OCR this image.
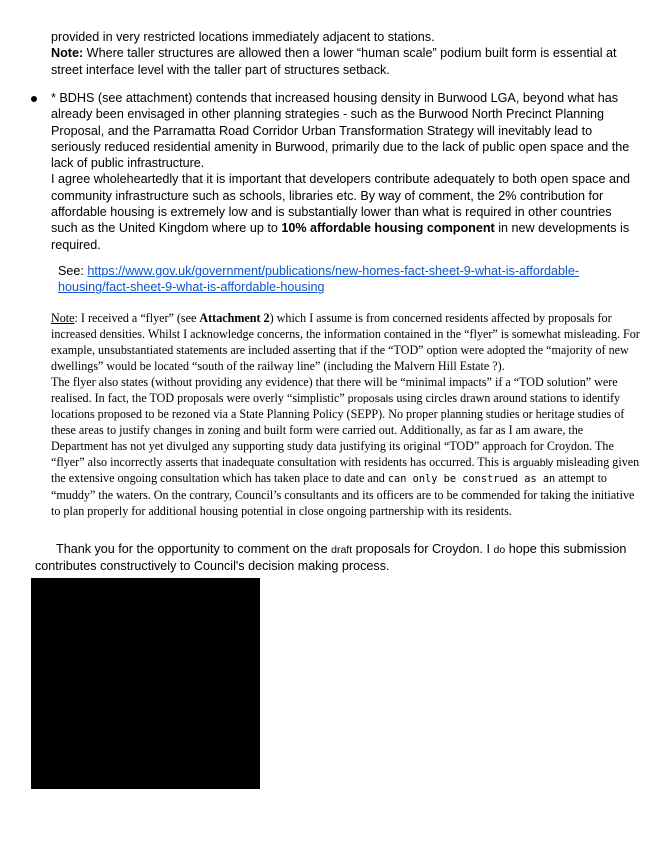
provided in very restricted locations immediately adjacent to stations.

Note: Where taller structures are allowed then a lower “human scale” podium built form is essential at street interface level with the taller part of structures setback.

* BDHS (see attachment) contends that increased housing density in Burwood LGA, beyond what has already been envisaged in other planning strategies - such as the Burwood North Precinct Planning Proposal, and the Parramatta Road Corridor Urban Transformation Strategy will inevitably lead to seriously reduced residential amenity in Burwood, primarily due to the lack of public open space and the lack of public infrastructure.

I agree wholeheartedly that it is important that developers contribute adequately to both open space and community infrastructure such as schools, libraries etc. By way of comment, the 2% contribution for affordable housing is extremely low and is substantially lower than what is required in other countries such as the United Kingdom where up to 10% affordable housing component in new developments is required.

See: https://www.gov.uk/government/publications/new-homes-fact-sheet-9-what-is-affordable-housing/fact-sheet-9-what-is-affordable-housing

Note: I received a “flyer” (see Attachment 2) which I assume is from concerned residents affected by proposals for increased densities. Whilst I acknowledge concerns, the information contained in the “flyer” is somewhat misleading. For example, unsubstantiated statements are included asserting that if the “TOD” option were adopted the “majority of new dwellings” would be located “south of the railway line” (including the Malvern Hill Estate ?).

The flyer also states (without providing any evidence) that there will be “minimal impacts” if a “TOD solution” were realised. In fact, the TOD proposals were overly “simplistic” proposals using circles drawn around stations to identify locations proposed to be rezoned via a State Planning Policy (SEPP). No proper planning studies or heritage studies of these areas to justify changes in zoning and built form were carried out. Additionally, as far as I am aware, the Department has not yet divulged any supporting study data justifying its original “TOD” approach for Croydon. The “flyer” also incorrectly asserts that inadequate consultation with residents has occurred. This is arguably misleading given the extensive ongoing consultation which has taken place to date and can only be construed as an attempt to “muddy” the waters. On the contrary, Council’s consultants and its officers are to be commended for taking the initiative to plan properly for additional housing potential in close ongoing partnership with its residents.

Thank you for the opportunity to comment on the draft proposals for Croydon. I do hope this submission contributes constructively to Council's decision making process.
